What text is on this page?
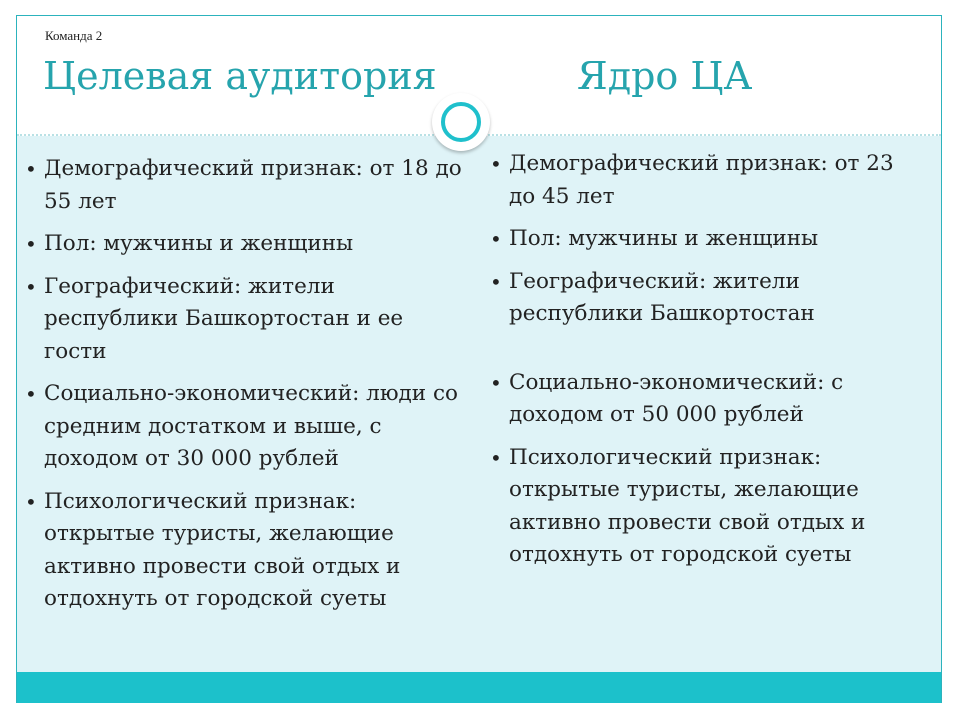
Команда 2
Целевая аудитория	Ядро ЦА
• Демографический признак: от 18 до 55 лет
• Пол: мужчины и женщины
• Географический: жители республики Башкортостан и ее гости
• Социально-экономический: люди со средним достатком и выше, с доходом от 30 000 рублей
• Психологический признак: открытые туристы, желающие активно провести свой отдых и отдохнуть от городской суеты
• Демографический признак: от 23 до 45 лет
• Пол: мужчины и женщины
• Географический: жители республики Башкортостан
• Социально-экономический: с доходом от 50 000 рублей
• Психологический признак: открытые туристы, желающие активно провести свой отдых и отдохнуть от городской суеты
